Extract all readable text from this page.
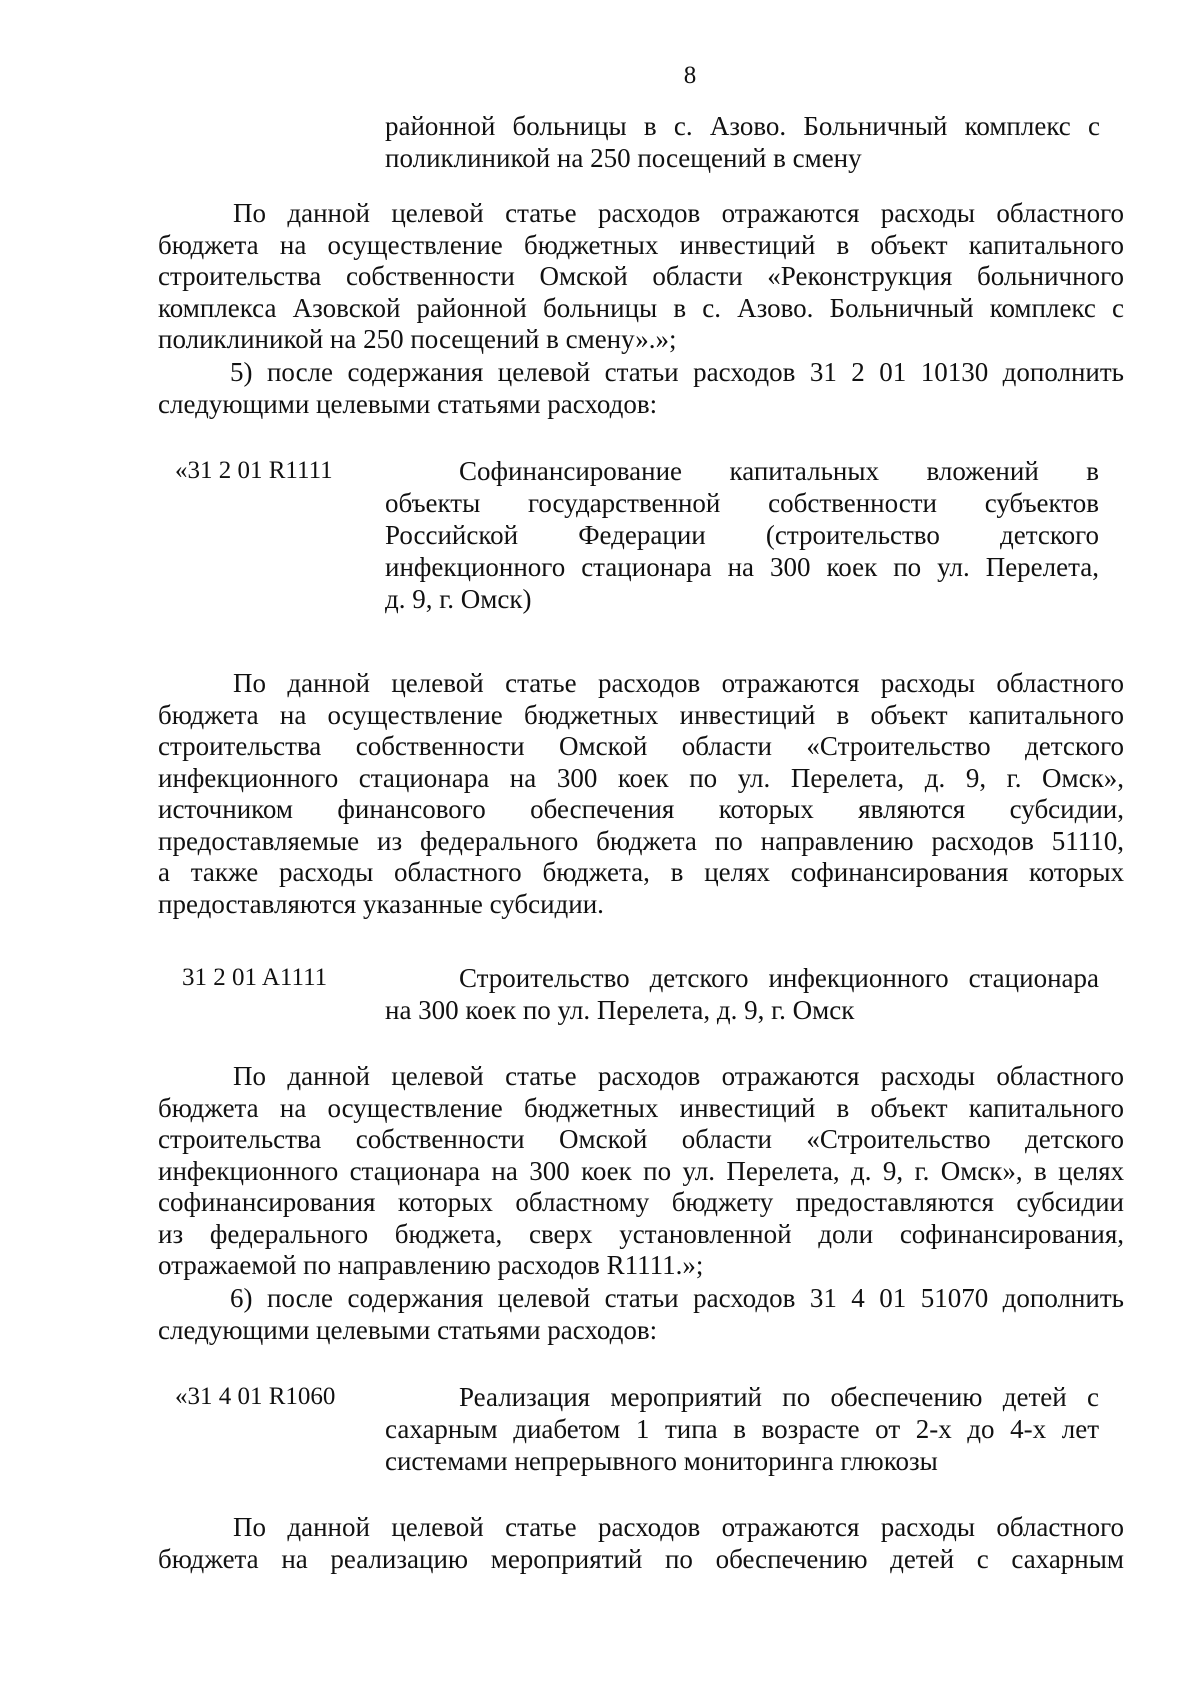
8
районной больницы в с. Азово. Больничный комплекс с
поликлиникой на 250 посещений в смену
По данной целевой статье расходов отражаются расходы областного
бюджета на осуществление бюджетных инвестиций в объект капитального
строительства собственности Омской области «Реконструкция больничного
комплекса Азовской районной больницы в с. Азово. Больничный комплекс с
поликлиникой на 250 посещений в смену».»;
5) после содержания целевой статьи расходов 31 2 01 10130 дополнить
следующими целевыми статьями расходов:
«31 2 01 R1111	Софинансирование капитальных вложений в
объекты государственной собственности субъектов
Российской Федерации (строительство детского
инфекционного стационара на 300 коек по ул. Перелета,
д. 9, г. Омск)
По данной целевой статье расходов отражаются расходы областного
бюджета на осуществление бюджетных инвестиций в объект капитального
строительства собственности Омской области «Строительство детского
инфекционного стационара на 300 коек по ул. Перелета, д. 9, г. Омск»,
источником финансового обеспечения которых являются субсидии,
предоставляемые из федерального бюджета по направлению расходов 51110,
а также расходы областного бюджета, в целях софинансирования которых
предоставляются указанные субсидии.
31 2 01 A1111	Строительство детского инфекционного стационара
на 300 коек по ул. Перелета, д. 9, г. Омск
По данной целевой статье расходов отражаются расходы областного
бюджета на осуществление бюджетных инвестиций в объект капитального
строительства собственности Омской области «Строительство детского
инфекционного стационара на 300 коек по ул. Перелета, д. 9, г. Омск», в целях
софинансирования которых областному бюджету предоставляются субсидии
из федерального бюджета, сверх установленной доли софинансирования,
отражаемой по направлению расходов R1111.»;
6) после содержания целевой статьи расходов 31 4 01 51070 дополнить
следующими целевыми статьями расходов:
«31 4 01 R1060	Реализация мероприятий по обеспечению детей с
сахарным диабетом 1 типа в возрасте от 2-х до 4-х лет
системами непрерывного мониторинга глюкозы
По данной целевой статье расходов отражаются расходы областного
бюджета на реализацию мероприятий по обеспечению детей с сахарным
